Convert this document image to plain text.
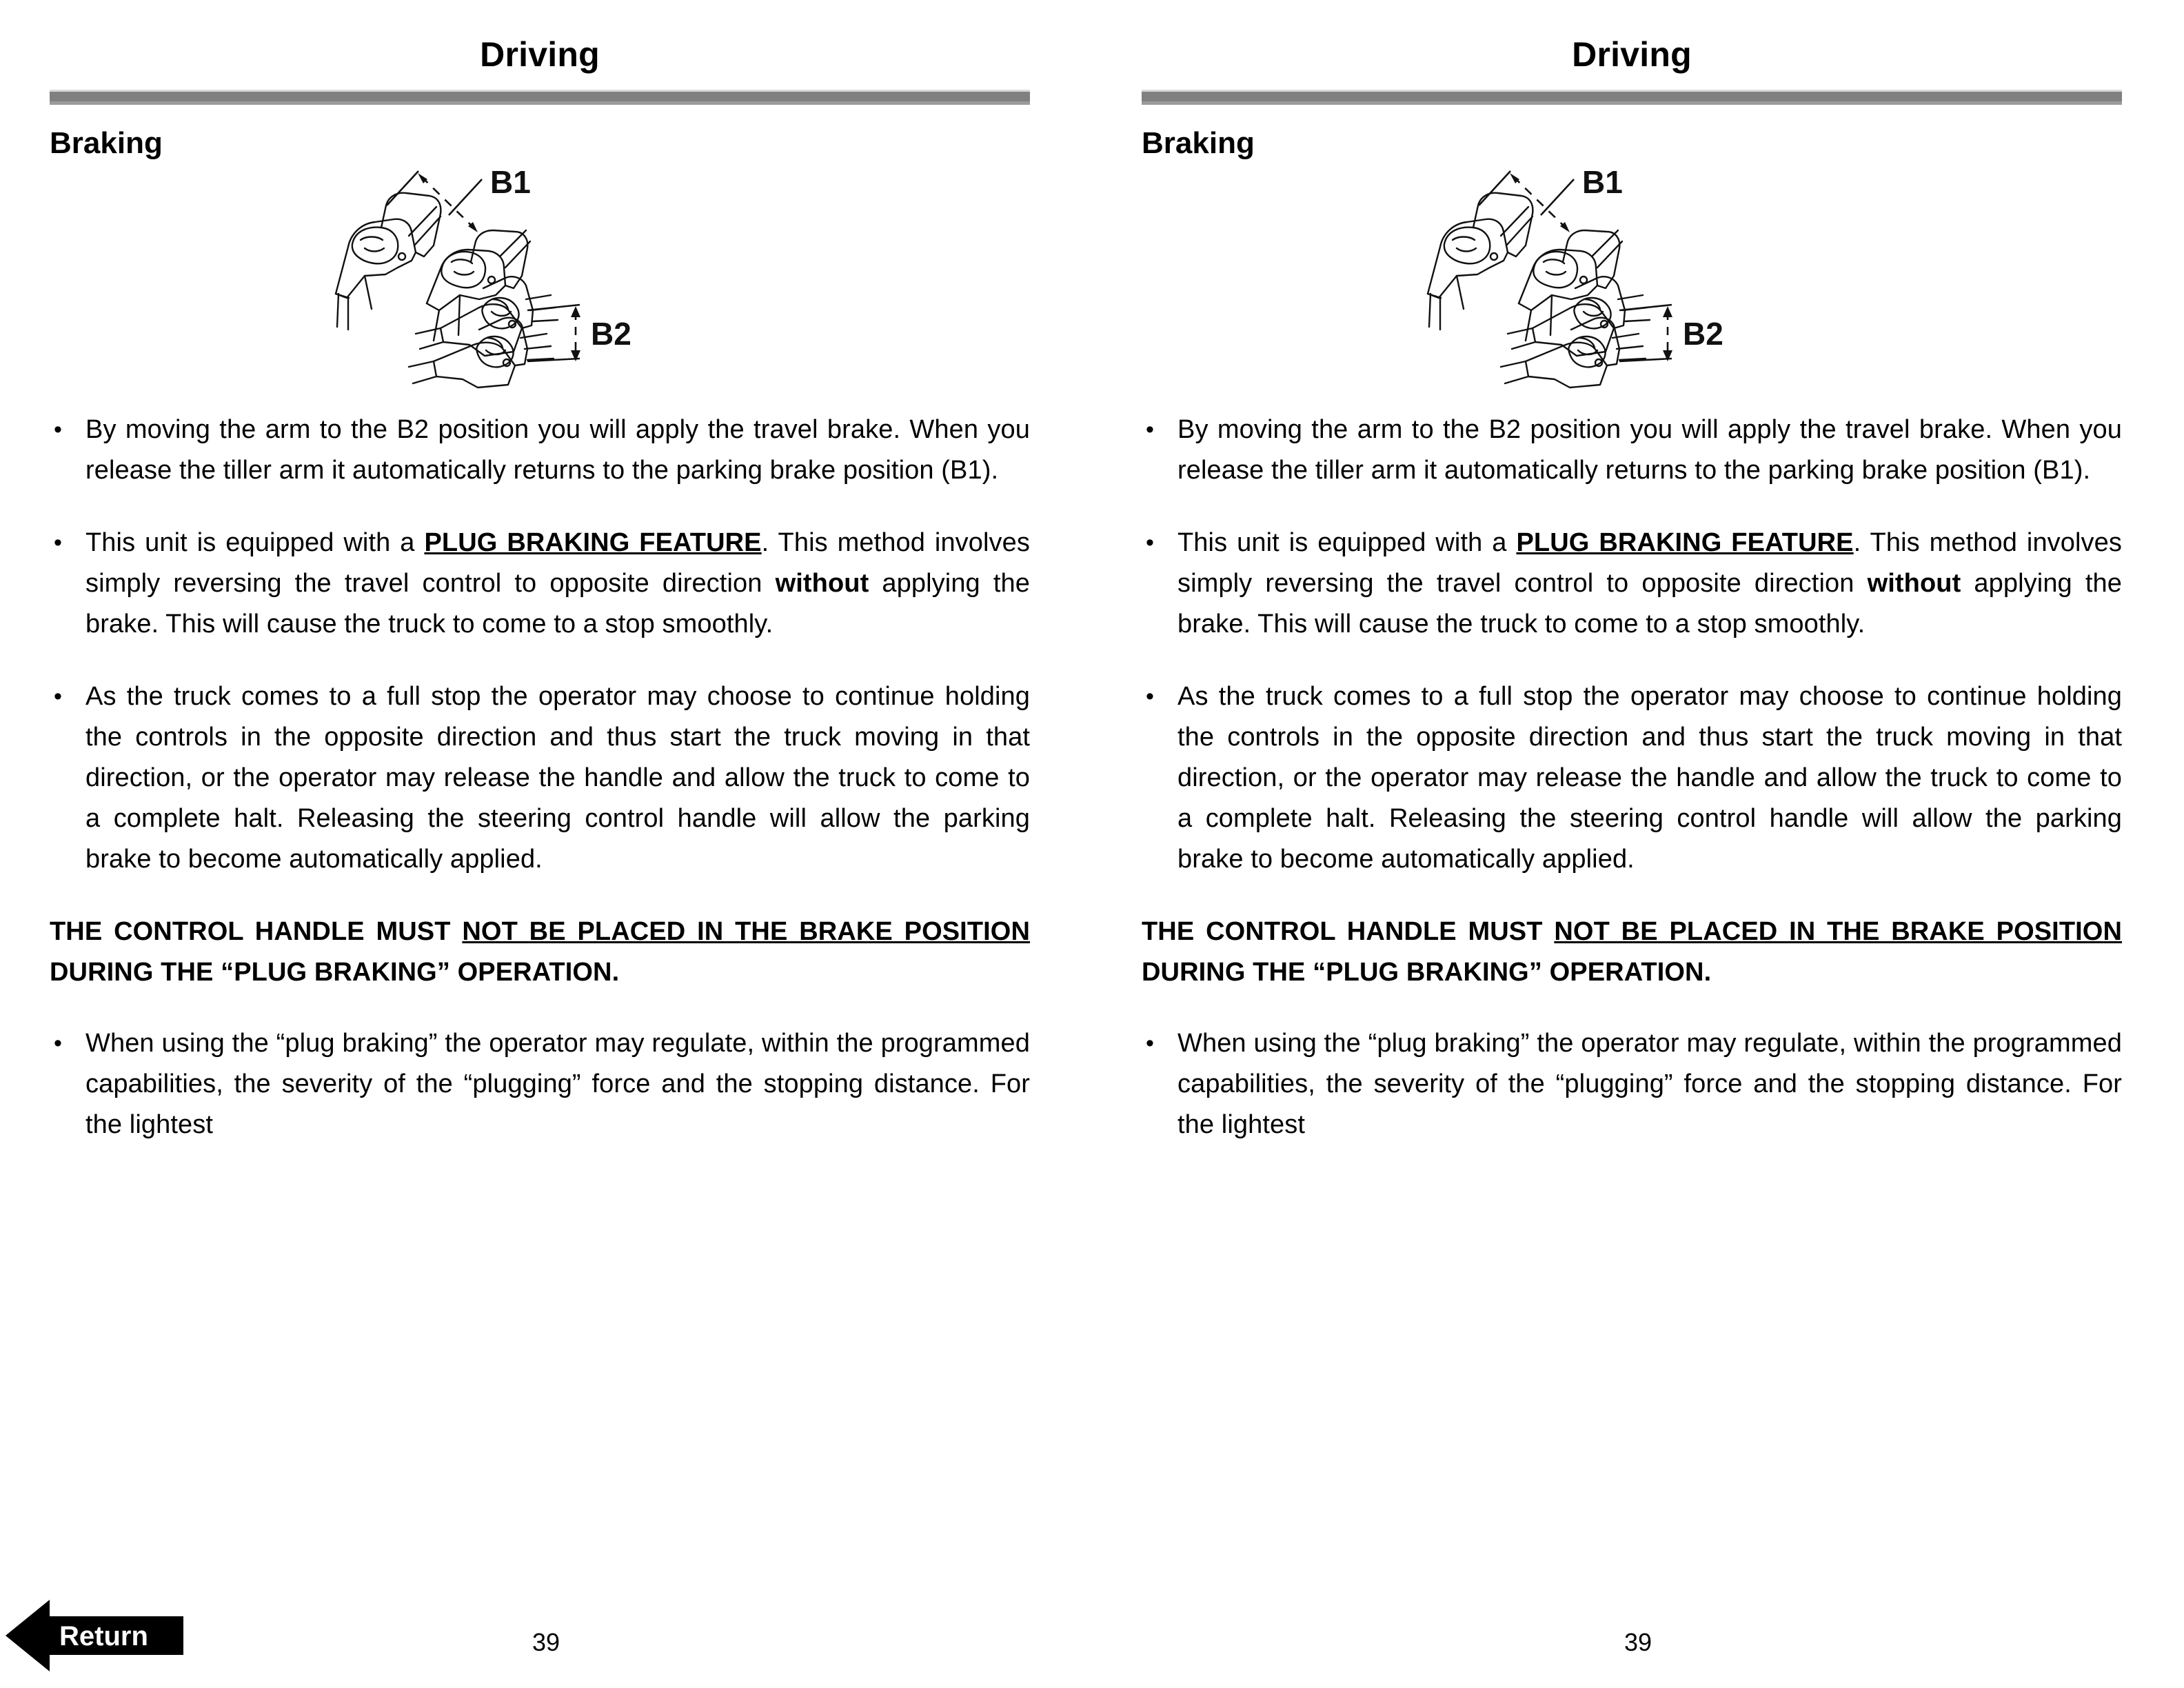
Driving
Braking
B1
B2
• By moving the arm to the B2 position you will apply the travel brake. When you release the tiller arm it automatically returns to the parking brake position (B1).
• This unit is equipped with a PLUG BRAKING FEATURE. This method involves simply reversing the travel control to opposite direction without applying the brake. This will cause the truck to come to a stop smoothly.
• As the truck comes to a full stop the operator may choose to continue holding the controls in the opposite direction and thus start the truck moving in that direction, or the operator may release the handle and allow the truck to come to a complete halt. Releasing the steering control handle will allow the parking brake to become automatically applied.
THE CONTROL HANDLE MUST NOT BE PLACED IN THE BRAKE POSITION DURING THE “PLUG BRAKING” OPERATION.
• When using the “plug braking” the operator may regulate, within the programmed capabilities, the severity of the “plugging” force and the stopping distance. For the lightest
39
Return
Driving
Braking
B1
B2
• By moving the arm to the B2 position you will apply the travel brake. When you release the tiller arm it automatically returns to the parking brake position (B1).
• This unit is equipped with a PLUG BRAKING FEATURE. This method involves simply reversing the travel control to opposite direction without applying the brake. This will cause the truck to come to a stop smoothly.
• As the truck comes to a full stop the operator may choose to continue holding the controls in the opposite direction and thus start the truck moving in that direction, or the operator may release the handle and allow the truck to come to a complete halt. Releasing the steering control handle will allow the parking brake to become automatically applied.
THE CONTROL HANDLE MUST NOT BE PLACED IN THE BRAKE POSITION DURING THE “PLUG BRAKING” OPERATION.
• When using the “plug braking” the operator may regulate, within the programmed capabilities, the severity of the “plugging” force and the stopping distance. For the lightest
39
